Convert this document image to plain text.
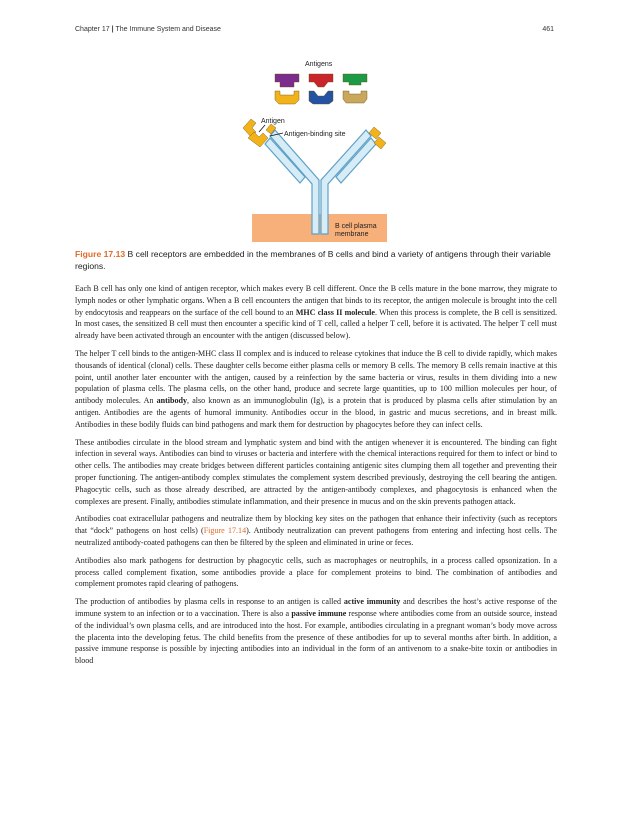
Chapter 17 | The Immune System and Disease	461
Antigens
Antigen
Antigen-binding site
B cell plasma
membrane
Figure 17.13 B cell receptors are embedded in the membranes of B cells and bind a variety of antigens through their variable regions.

Each B cell has only one kind of antigen receptor, which makes every B cell different. Once the B cells mature in the bone marrow, they migrate to lymph nodes or other lymphatic organs. When a B cell encounters the antigen that binds to its receptor, the antigen molecule is brought into the cell by endocytosis and reappears on the surface of the cell bound to an MHC class II molecule. When this process is complete, the B cell is sensitized. In most cases, the sensitized B cell must then encounter a specific kind of T cell, called a helper T cell, before it is activated. The helper T cell must already have been activated through an encounter with the antigen (discussed below).

The helper T cell binds to the antigen-MHC class II complex and is induced to release cytokines that induce the B cell to divide rapidly, which makes thousands of identical (clonal) cells. These daughter cells become either plasma cells or memory B cells. The memory B cells remain inactive at this point, until another later encounter with the antigen, caused by a reinfection by the same bacteria or virus, results in them dividing into a new population of plasma cells. The plasma cells, on the other hand, produce and secrete large quantities, up to 100 million molecules per hour, of antibody molecules. An antibody, also known as an immunoglobulin (Ig), is a protein that is produced by plasma cells after stimulation by an antigen. Antibodies are the agents of humoral immunity. Antibodies occur in the blood, in gastric and mucus secretions, and in breast milk. Antibodies in these bodily fluids can bind pathogens and mark them for destruction by phagocytes before they can infect cells.

These antibodies circulate in the blood stream and lymphatic system and bind with the antigen whenever it is encountered. The binding can fight infection in several ways. Antibodies can bind to viruses or bacteria and interfere with the chemical interactions required for them to infect or bind to other cells. The antibodies may create bridges between different particles containing antigenic sites clumping them all together and preventing their proper functioning. The antigen-antibody complex stimulates the complement system described previously, destroying the cell bearing the antigen. Phagocytic cells, such as those already described, are attracted by the antigen-antibody complexes, and phagocytosis is enhanced when the complexes are present. Finally, antibodies stimulate inflammation, and their presence in mucus and on the skin prevents pathogen attack.

Antibodies coat extracellular pathogens and neutralize them by blocking key sites on the pathogen that enhance their infectivity (such as receptors that “dock” pathogens on host cells) (Figure 17.14). Antibody neutralization can prevent pathogens from entering and infecting host cells. The neutralized antibody-coated pathogens can then be filtered by the spleen and eliminated in urine or feces.

Antibodies also mark pathogens for destruction by phagocytic cells, such as macrophages or neutrophils, in a process called opsonization. In a process called complement fixation, some antibodies provide a place for complement proteins to bind. The combination of antibodies and complement promotes rapid clearing of pathogens.

The production of antibodies by plasma cells in response to an antigen is called active immunity and describes the host’s active response of the immune system to an infection or to a vaccination. There is also a passive immune response where antibodies come from an outside source, instead of the individual’s own plasma cells, and are introduced into the host. For example, antibodies circulating in a pregnant woman’s body move across the placenta into the developing fetus. The child benefits from the presence of these antibodies for up to several months after birth. In addition, a passive immune response is possible by injecting antibodies into an individual in the form of an antivenom to a snake-bite toxin or antibodies in blood
